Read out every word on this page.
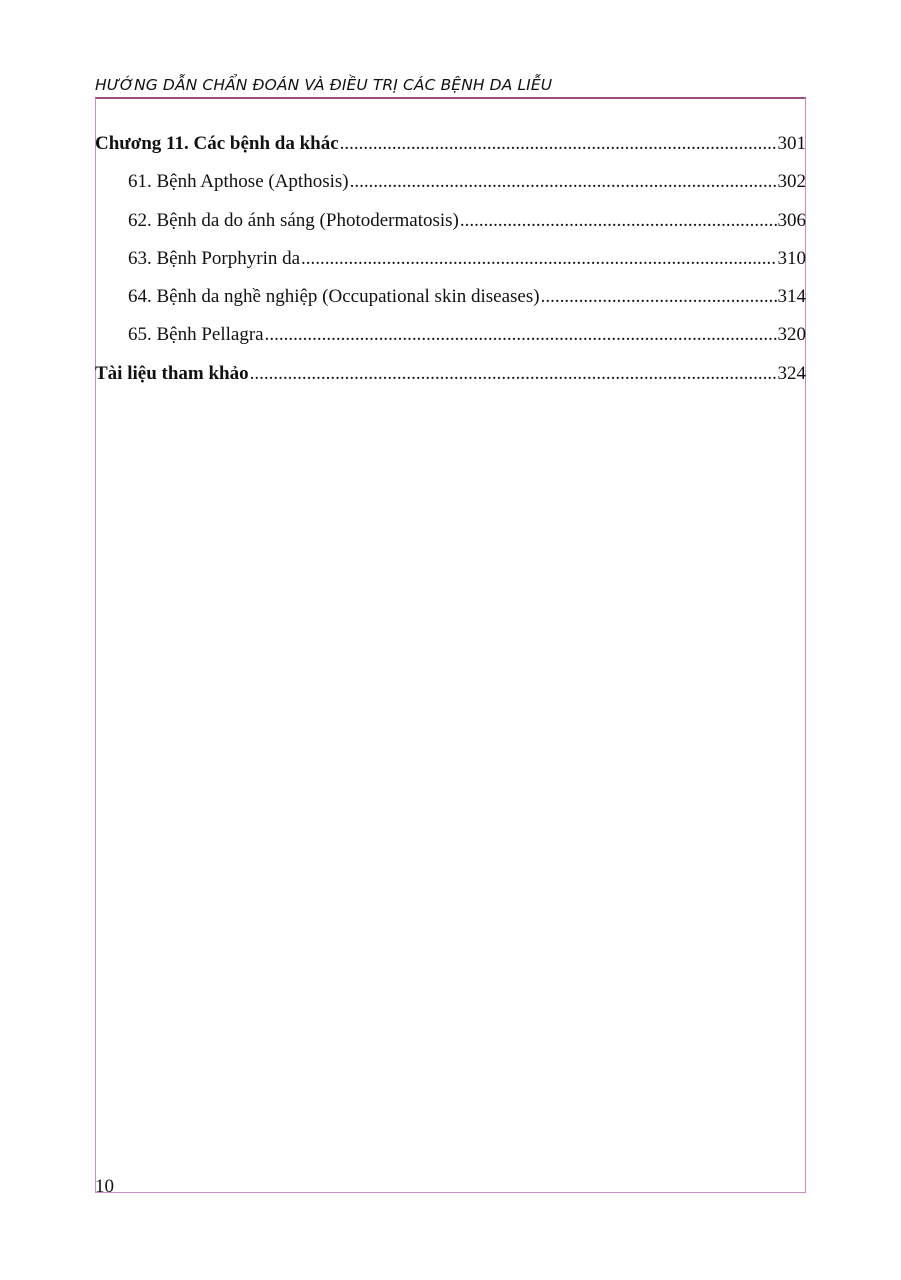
HƯỚNG DẪN CHẨN ĐOÁN VÀ ĐIỀU TRỊ CÁC BỆNH DA LIỄU
Chương 11. Các bệnh da khác .....	301
61. Bệnh Apthose (Apthosis) .....	302
62. Bệnh da do ánh sáng (Photodermatosis) .....	306
63. Bệnh Porphyrin da .....	310
64. Bệnh da nghề nghiệp (Occupational skin diseases) .....	314
65. Bệnh Pellagra .....	320
Tài liệu tham khảo .....	324
10
